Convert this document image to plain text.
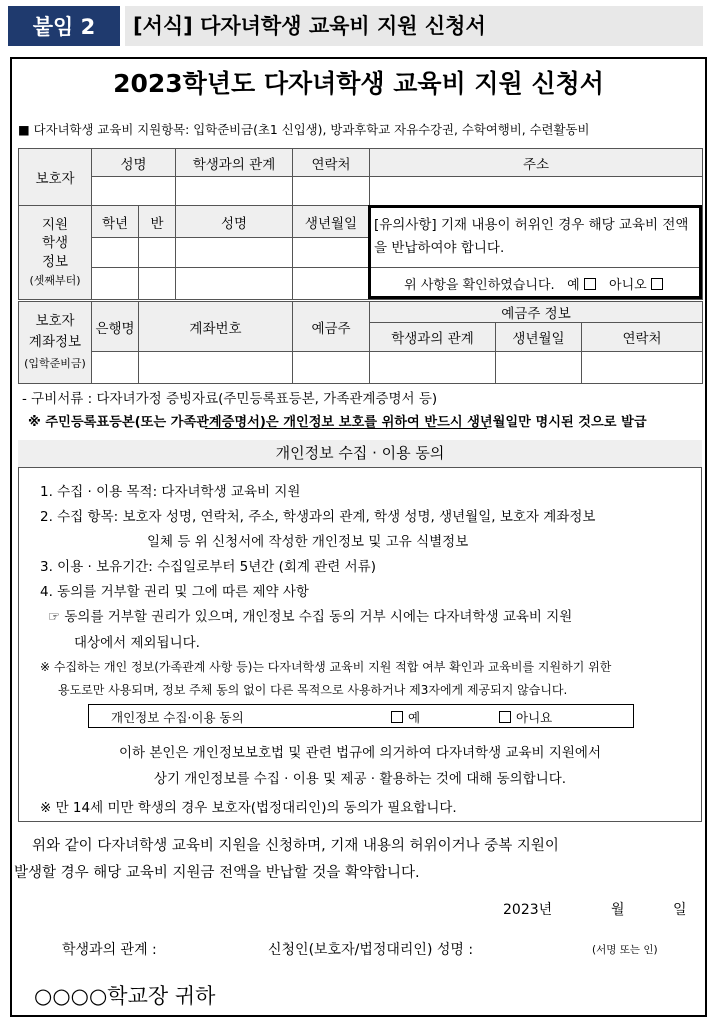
붙임 2	[서식] 다자녀학생 교육비 지원 신청서
2023학년도 다자녀학생 교육비 지원 신청서
■ 다자녀학생 교육비 지원항목: 입학준비금(초1 신입생), 방과후학교 자유수강권, 수학여행비, 수련활동비
보호자	성명	학생과의 관계	연락처	주소

지원
학생
정보
(셋째부터)	학년	반	성명	생년월일	[유의사항] 기재 내용이 허위인 경우 해당 교육비 전액을 반납하여야 합니다.

					위 사항을 확인하였습니다. 예 아니오
보호자
계좌정보
(입학준비금)	은행명	계좌번호	예금주	예금주 정보		
				학생과의 관계	생년월일	연락처

- 구비서류 : 다자녀가정 증빙자료(주민등록표등본, 가족관계증명서 등)
※ 주민등록표등본(또는 가족관계증명서)은 개인정보 보호를 위하여 반드시 생년월일만 명시된 것으로 발급
개인정보 수집 · 이용 동의
1. 수집 · 이용 목적: 다자녀학생 교육비 지원
2. 수집 항목: 보호자 성명, 연락처, 주소, 학생과의 관계, 학생 성명, 생년월일, 보호자 계좌정보
일체 등 위 신청서에 작성한 개인정보 및 고유 식별정보
3. 이용 · 보유기간: 수집일로부터 5년간 (회계 관련 서류)
4. 동의를 거부할 권리 및 그에 따른 제약 사항
☞ 동의를 거부할 권리가 있으며, 개인정보 수집 동의 거부 시에는 다자녀학생 교육비 지원
대상에서 제외됩니다.
※ 수집하는 개인 정보(가족관계 사항 등)는 다자녀학생 교육비 지원 적합 여부 확인과 교육비를 지원하기 위한
용도로만 사용되며, 정보 주체 동의 없이 다른 목적으로 사용하거나 제3자에게 제공되지 않습니다.
개인정보 수집·이용 동의	예	아니요
이하 본인은 개인정보보호법 및 관련 법규에 의거하여 다자녀학생 교육비 지원에서
상기 개인정보를 수집 · 이용 및 제공 · 활용하는 것에 대해 동의합니다.
※ 만 14세 미만 학생의 경우 보호자(법정대리인)의 동의가 필요합니다.
위와 같이 다자녀학생 교육비 지원을 신청하며, 기재 내용의 허위이거나 중복 지원이
발생할 경우 해당 교육비 지원금 전액을 반납할 것을 확약합니다.
2023년	월	일
학생과의 관계 :	신청인(보호자/법정대리인) 성명 :	(서명 또는 인)
○○○○학교장 귀하
